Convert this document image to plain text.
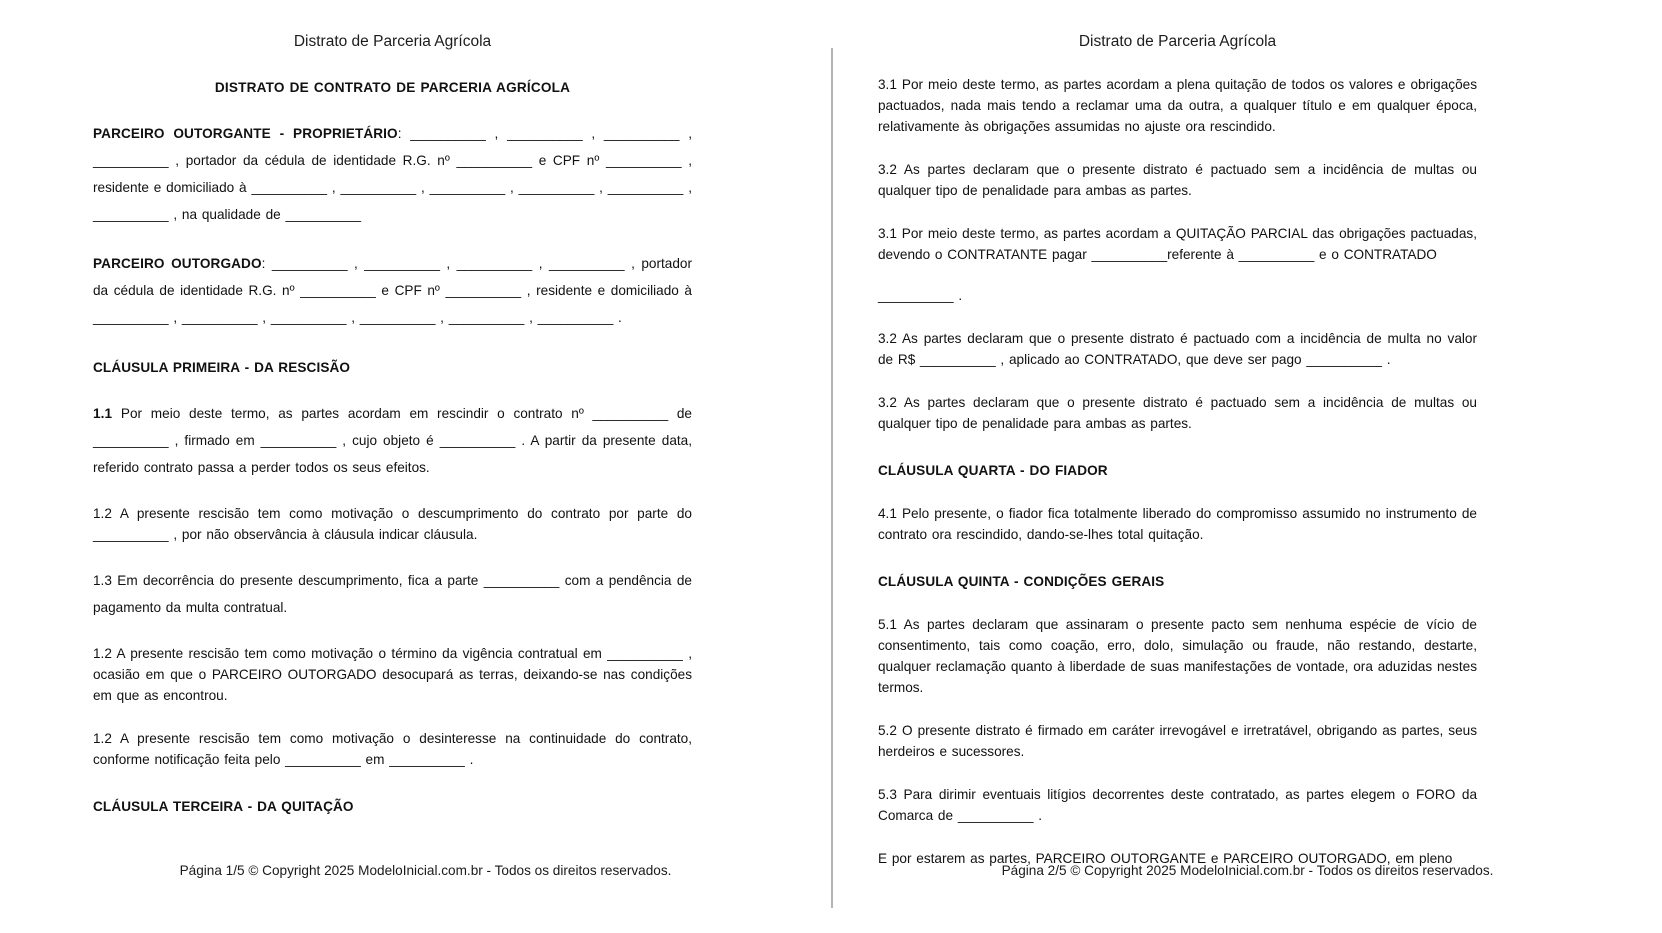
Distrato de Parceria Agrícola
DISTRATO DE CONTRATO DE PARCERIA AGRÍCOLA
PARCEIRO OUTORGANTE - PROPRIETÁRIO: __________ , __________ , __________ , __________ , portador da cédula de identidade R.G. nº __________ e CPF nº __________ , residente e domiciliado à __________ , __________ , __________ , __________ , __________ , __________ , na qualidade de __________
PARCEIRO OUTORGADO: __________ , __________ , __________ , __________ , portador da cédula de identidade R.G. nº __________ e CPF nº __________ , residente e domiciliado à __________ , __________ , __________ , __________ , __________ , __________ .
CLÁUSULA PRIMEIRA - DA RESCISÃO
1.1 Por meio deste termo, as partes acordam em rescindir o contrato nº __________ de __________ , firmado em __________ , cujo objeto é __________ . A partir da presente data, referido contrato passa a perder todos os seus efeitos.
1.2 A presente rescisão tem como motivação o descumprimento do contrato por parte do __________ , por não observância à cláusula indicar cláusula.
1.3 Em decorrência do presente descumprimento, fica a parte __________ com a pendência de pagamento da multa contratual.
1.2 A presente rescisão tem como motivação o término da vigência contratual em __________ , ocasião em que o PARCEIRO OUTORGADO desocupará as terras, deixando-se nas condições em que as encontrou.
1.2 A presente rescisão tem como motivação o desinteresse na continuidade do contrato, conforme notificação feita pelo __________ em __________ .
CLÁUSULA TERCEIRA - DA QUITAÇÃO
Página 1/5 © Copyright 2025 ModeloInicial.com.br - Todos os direitos reservados.
Distrato de Parceria Agrícola
3.1 Por meio deste termo, as partes acordam a plena quitação de todos os valores e obrigações pactuados, nada mais tendo a reclamar uma da outra, a qualquer título e em qualquer época, relativamente às obrigações assumidas no ajuste ora rescindido.
3.2 As partes declaram que o presente distrato é pactuado sem a incidência de multas ou qualquer tipo de penalidade para ambas as partes.
3.1 Por meio deste termo, as partes acordam a QUITAÇÃO PARCIAL das obrigações pactuadas, devendo o CONTRATANTE pagar __________referente à __________ e o CONTRATADO
__________ .
3.2 As partes declaram que o presente distrato é pactuado com a incidência de multa no valor de R$ __________ , aplicado ao CONTRATADO, que deve ser pago __________ .
3.2 As partes declaram que o presente distrato é pactuado sem a incidência de multas ou qualquer tipo de penalidade para ambas as partes.
CLÁUSULA QUARTA - DO FIADOR
4.1 Pelo presente, o fiador fica totalmente liberado do compromisso assumido no instrumento de contrato ora rescindido, dando-se-lhes total quitação.
CLÁUSULA QUINTA - CONDIÇÕES GERAIS
5.1 As partes declaram que assinaram o presente pacto sem nenhuma espécie de vício de consentimento, tais como coação, erro, dolo, simulação ou fraude, não restando, destarte, qualquer reclamação quanto à liberdade de suas manifestações de vontade, ora aduzidas nestes termos.
5.2 O presente distrato é firmado em caráter irrevogável e irretratável, obrigando as partes, seus herdeiros e sucessores.
5.3 Para dirimir eventuais litígios decorrentes deste contratado, as partes elegem o FORO da Comarca de __________ .
E por estarem as partes, PARCEIRO OUTORGANTE e PARCEIRO OUTORGADO, em pleno
Página 2/5 © Copyright 2025 ModeloInicial.com.br - Todos os direitos reservados.
